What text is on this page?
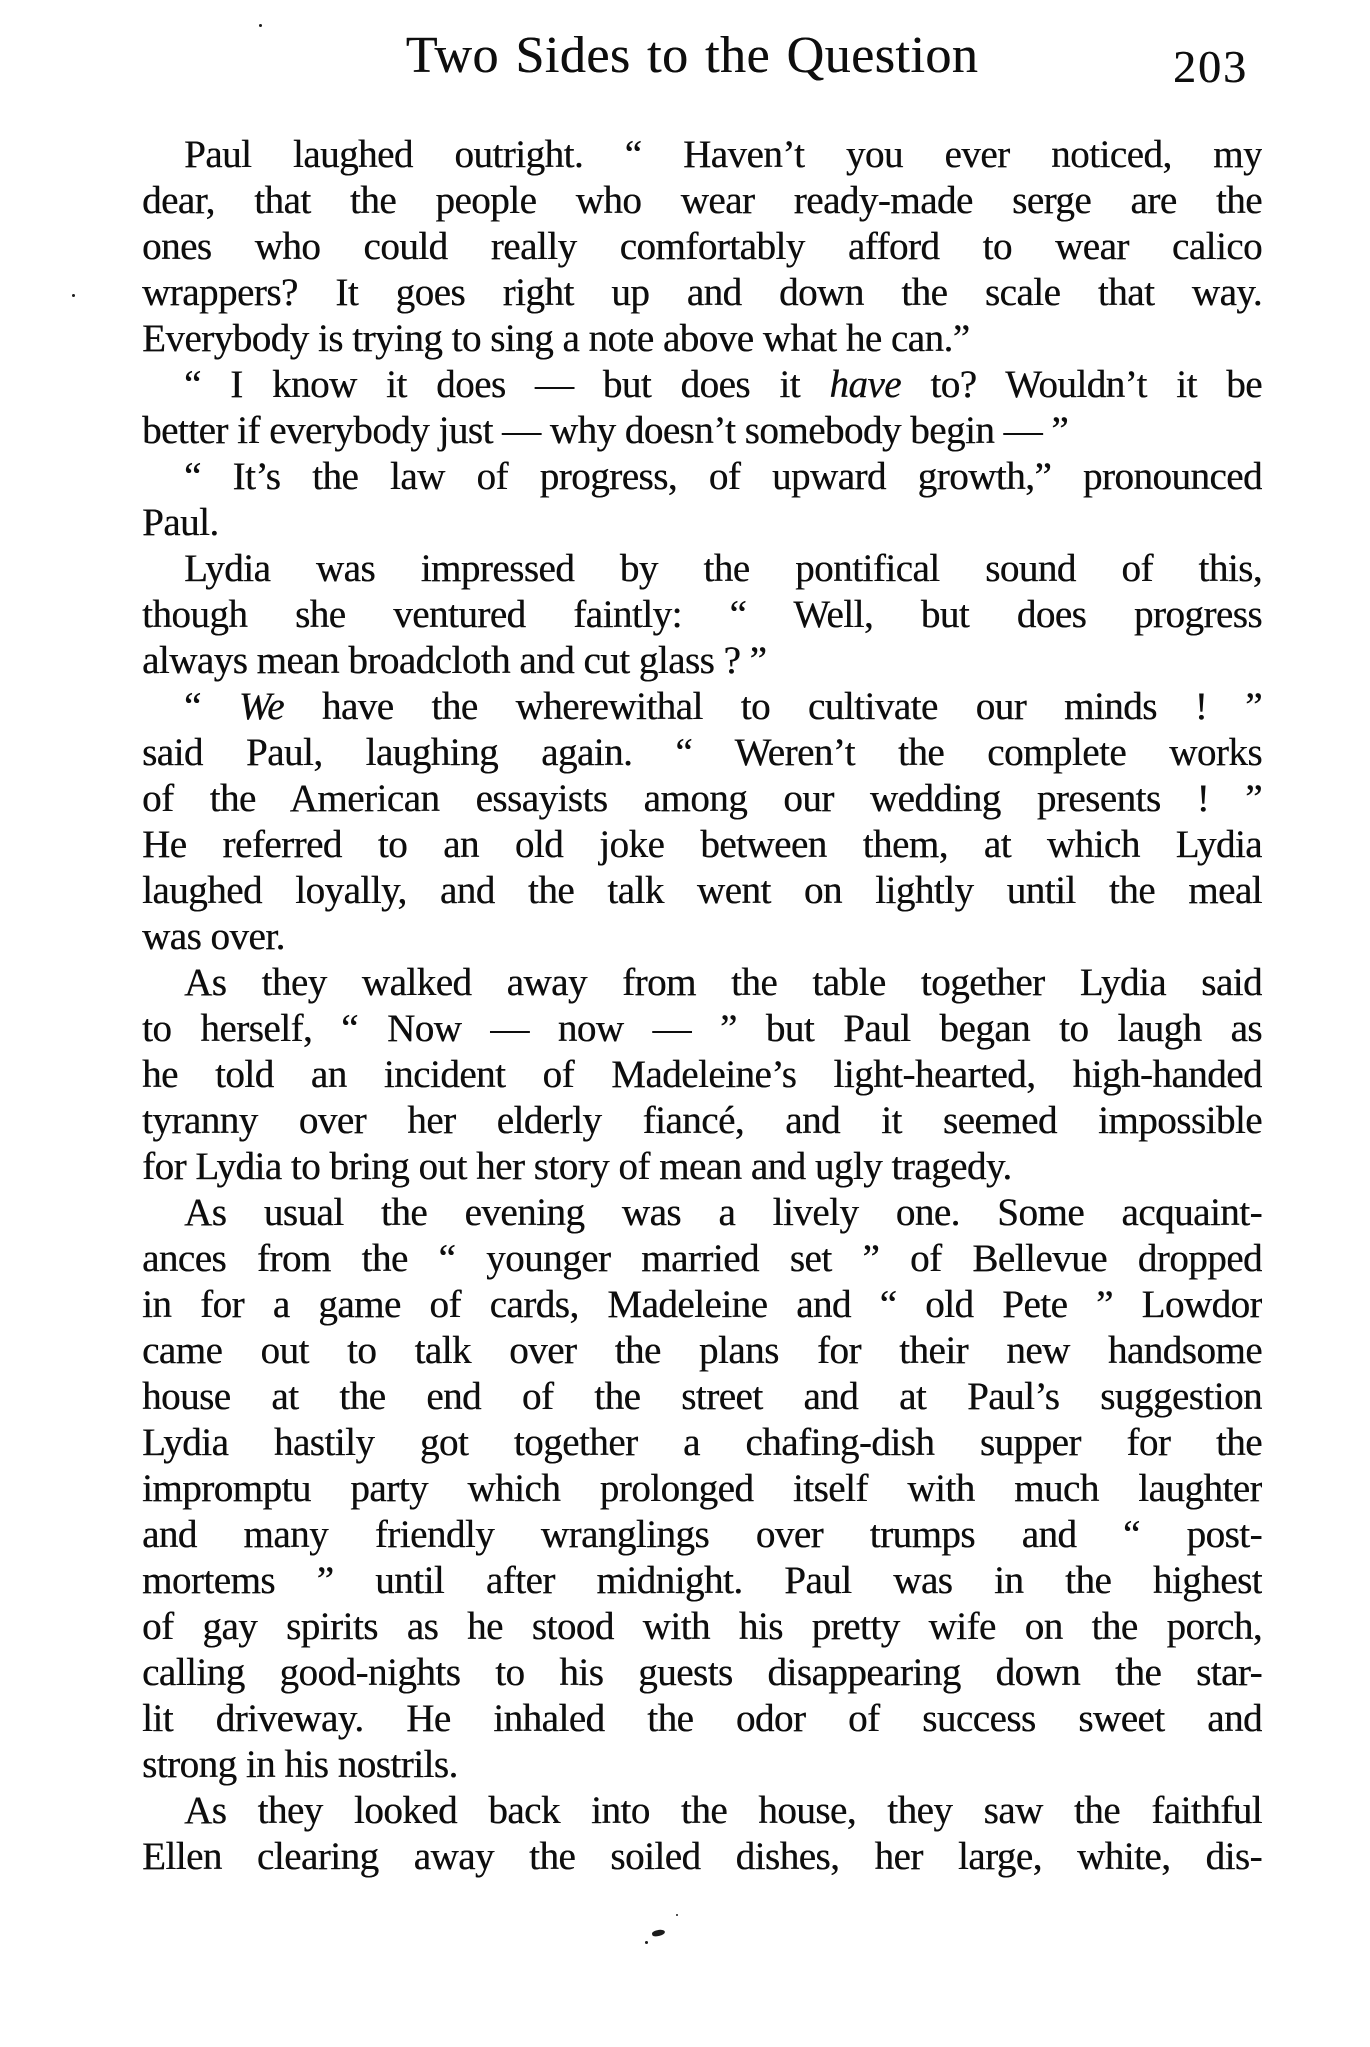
Two Sides to the Question	203
Paul laughed outright. “ Haven’t you ever noticed, my
dear, that the people who wear ready-made serge are the
ones who could really comfortably afford to wear calico
wrappers? It goes right up and down the scale that way.
Everybody is trying to sing a note above what he can.”
“ I know it does — but does it have to? Wouldn’t it be
better if everybody just — why doesn’t somebody begin — ”
“ It’s the law of progress, of upward growth,” pronounced
Paul.
Lydia was impressed by the pontifical sound of this,
though she ventured faintly: “ Well, but does progress
always mean broadcloth and cut glass ? ”
“ We have the wherewithal to cultivate our minds ! ”
said Paul, laughing again. “ Weren’t the complete works
of the American essayists among our wedding presents ! ”
He referred to an old joke between them, at which Lydia
laughed loyally, and the talk went on lightly until the meal
was over.
As they walked away from the table together Lydia said
to herself, “ Now — now — ” but Paul began to laugh as
he told an incident of Madeleine’s light-hearted, high-handed
tyranny over her elderly fiancé, and it seemed impossible
for Lydia to bring out her story of mean and ugly tragedy.
As usual the evening was a lively one. Some acquaint-
ances from the “ younger married set ” of Bellevue dropped
in for a game of cards, Madeleine and “ old Pete ” Lowdor
came out to talk over the plans for their new handsome
house at the end of the street and at Paul’s suggestion
Lydia hastily got together a chafing-dish supper for the
impromptu party which prolonged itself with much laughter
and many friendly wranglings over trumps and “ post-
mortems ” until after midnight. Paul was in the highest
of gay spirits as he stood with his pretty wife on the porch,
calling good-nights to his guests disappearing down the star-
lit driveway. He inhaled the odor of success sweet and
strong in his nostrils.
As they looked back into the house, they saw the faithful
Ellen clearing away the soiled dishes, her large, white, dis-
